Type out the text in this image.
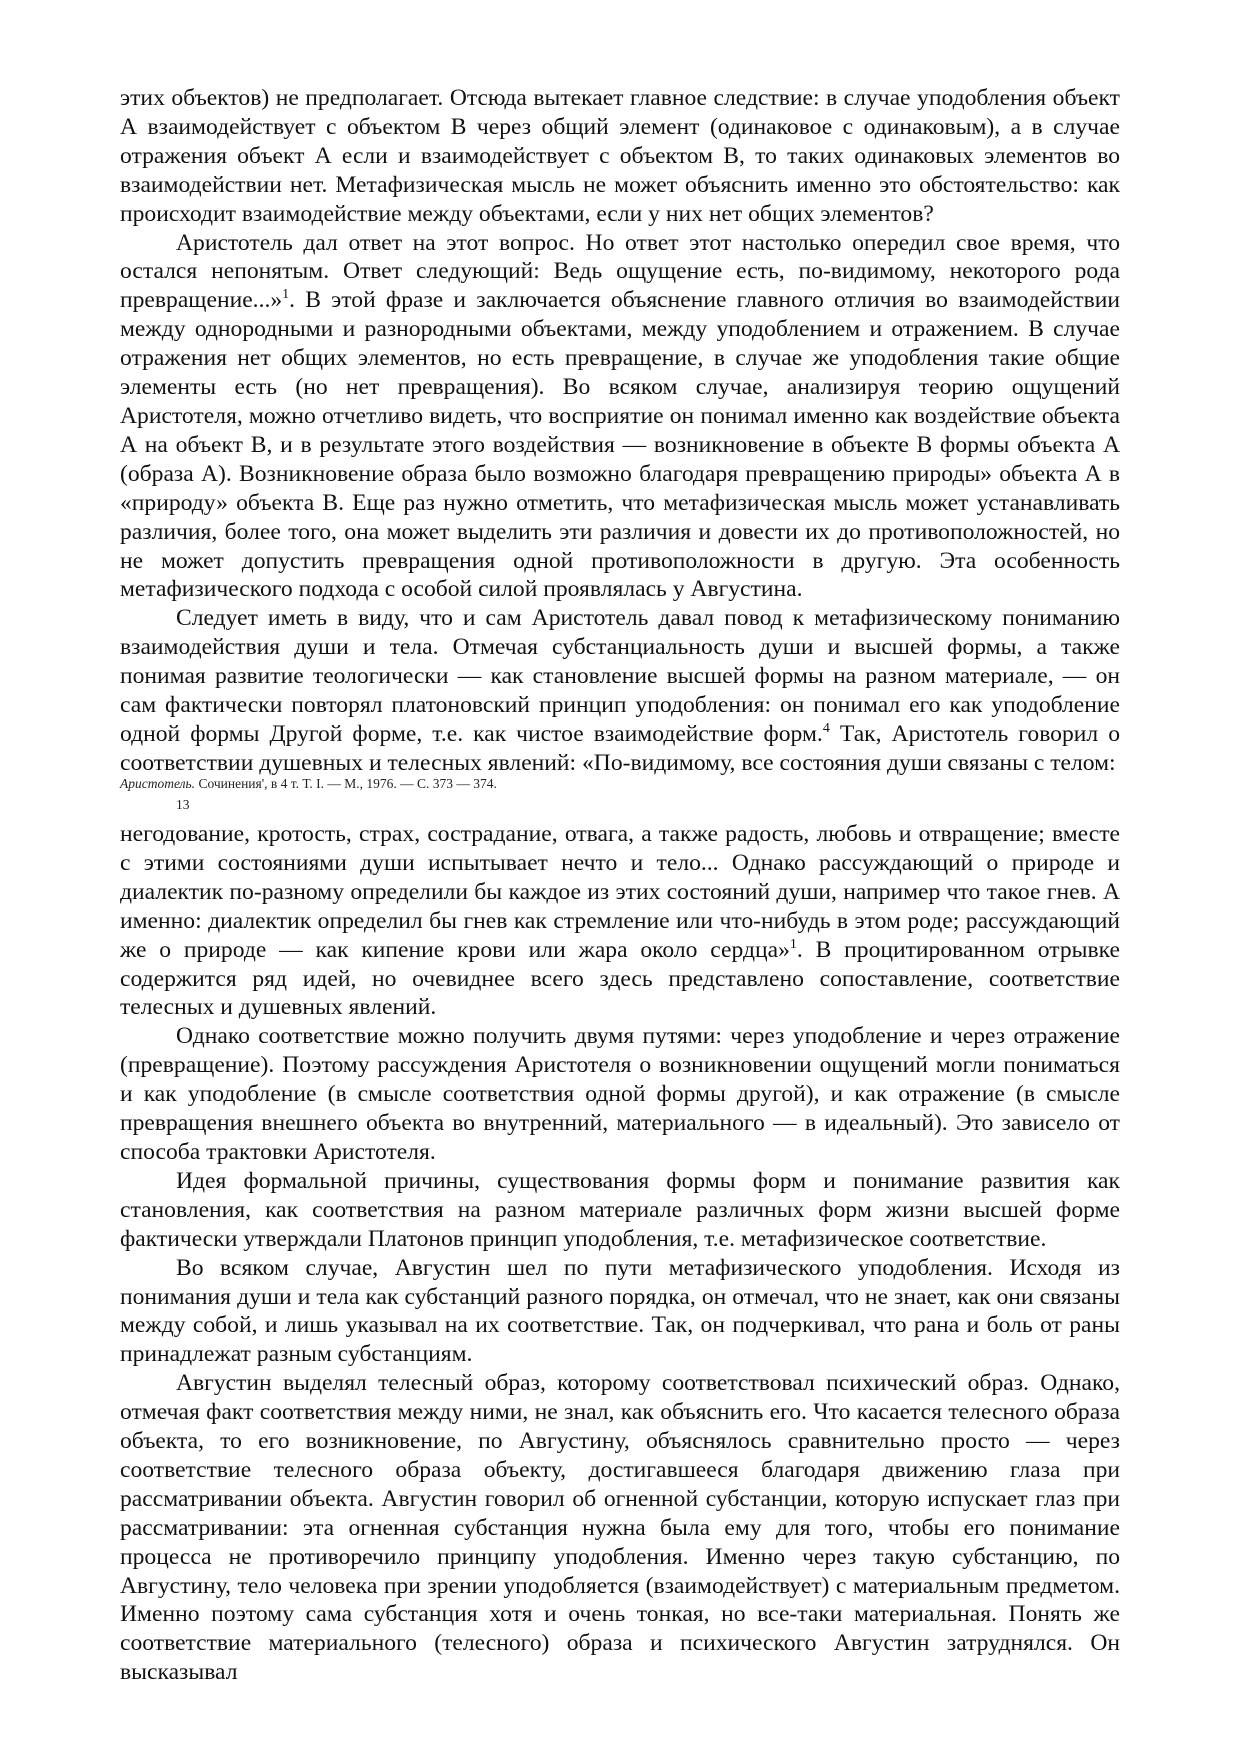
этих объектов) не предполагает. Отсюда вытекает главное следствие: в случае уподобления объект А взаимодействует с объектом В через общий элемент (одинаковое с одинаковым), а в случае отражения объект А если и взаимодействует с объектом В, то таких одинаковых элементов во взаимодействии нет. Метафизическая мысль не может объяснить именно это обстоятельство: как происходит взаимодействие между объектами, если у них нет общих элементов?

Аристотель дал ответ на этот вопрос. Но ответ этот настолько опередил свое время, что остался непонятым. Ответ следующий: Ведь ощущение есть, по-видимому, некоторого рода превращение...»$^1$. В этой фразе и заключается объяснение главного отличия во взаимодействии между однородными и разнородными объектами, между уподоблением и отражением. В случае отражения нет общих элементов, но есть превращение, в случае же уподобления такие общие элементы есть (но нет превращения). Во всяком случае, анализируя теорию ощущений Аристотеля, можно отчетливо видеть, что восприятие он понимал именно как воздействие объекта А на объект В, и в результате этого воздействия — возникновение в объекте В формы объекта А (образа А). Возникновение образа было возможно благодаря превращению природы» объекта А в «природу» объекта В. Еще раз нужно отметить, что метафизическая мысль может устанавливать различия, более того, она может выделить эти различия и довести их до противоположностей, но не может допустить превращения одной противоположности в другую. Эта особенность метафизического подхода с особой силой проявлялась у Августина.

Следует иметь в виду, что и сам Аристотель давал повод к метафизическому пониманию взаимодействия души и тела. Отмечая субстанциальность души и высшей формы, а также понимая развитие теологически — как становление высшей формы на разном материале, — он сам фактически повторял платоновский принцип уподобления: он понимал его как уподобление одной формы Другой форме, т.е. как чистое взаимодействие форм.$^4$ Так, Аристотель говорил о соответствии душевных и телесных явлений: «По-видимому, все состояния души связаны с телом:

Аристотель. Сочинения', в 4 т. Т. I. — М., 1976. — С. 373 — 374.
13

негодование, кротость, страх, сострадание, отвага, а также радость, любовь и отвращение; вместе с этими состояниями души испытывает нечто и тело... Однако рассуждающий о природе и диалектик по-разному определили бы каждое из этих состояний души, например что такое гнев. А именно: диалектик определил бы гнев как стремление или что-нибудь в этом роде; рассуждающий же о природе — как кипение крови или жара около сердца»$^1$. В процитированном отрывке содержится ряд идей, но очевиднее всего здесь представлено сопоставление, соответствие телесных и душевных явлений.

Однако соответствие можно получить двумя путями: через уподобление и через отражение (превращение). Поэтому рассуждения Аристотеля о возникновении ощущений могли пониматься и как уподобление (в смысле соответствия одной формы другой), и как отражение (в смысле превращения внешнего объекта во внутренний, материального — в идеальный). Это зависело от способа трактовки Аристотеля.

Идея формальной причины, существования формы форм и понимание развития как становления, как соответствия на разном материале различных форм жизни высшей форме фактически утверждали Платонов принцип уподобления, т.е. метафизическое соответствие.

Во всяком случае, Августин шел по пути метафизического уподобления. Исходя из понимания души и тела как субстанций разного порядка, он отмечал, что не знает, как они связаны между собой, и лишь указывал на их соответствие. Так, он подчеркивал, что рана и боль от раны принадлежат разным субстанциям.

Августин выделял телесный образ, которому соответствовал психический образ. Однако, отмечая факт соответствия между ними, не знал, как объяснить его. Что касается телесного образа объекта, то его возникновение, по Августину, объяснялось сравнительно просто — через соответствие телесного образа объекту, достигавшееся благодаря движению глаза при рассматривании объекта. Августин говорил об огненной субстанции, которую испускает глаз при рассматривании: эта огненная субстанция нужна была ему для того, чтобы его понимание процесса не противоречило принципу уподобления. Именно через такую субстанцию, по Августину, тело человека при зрении уподобляется (взаимодействует) с материальным предметом. Именно поэтому сама субстанция хотя и очень тонкая, но все-таки материальная. Понять же соответствие материального (телесного) образа и психического Августин затруднялся. Он высказывал
